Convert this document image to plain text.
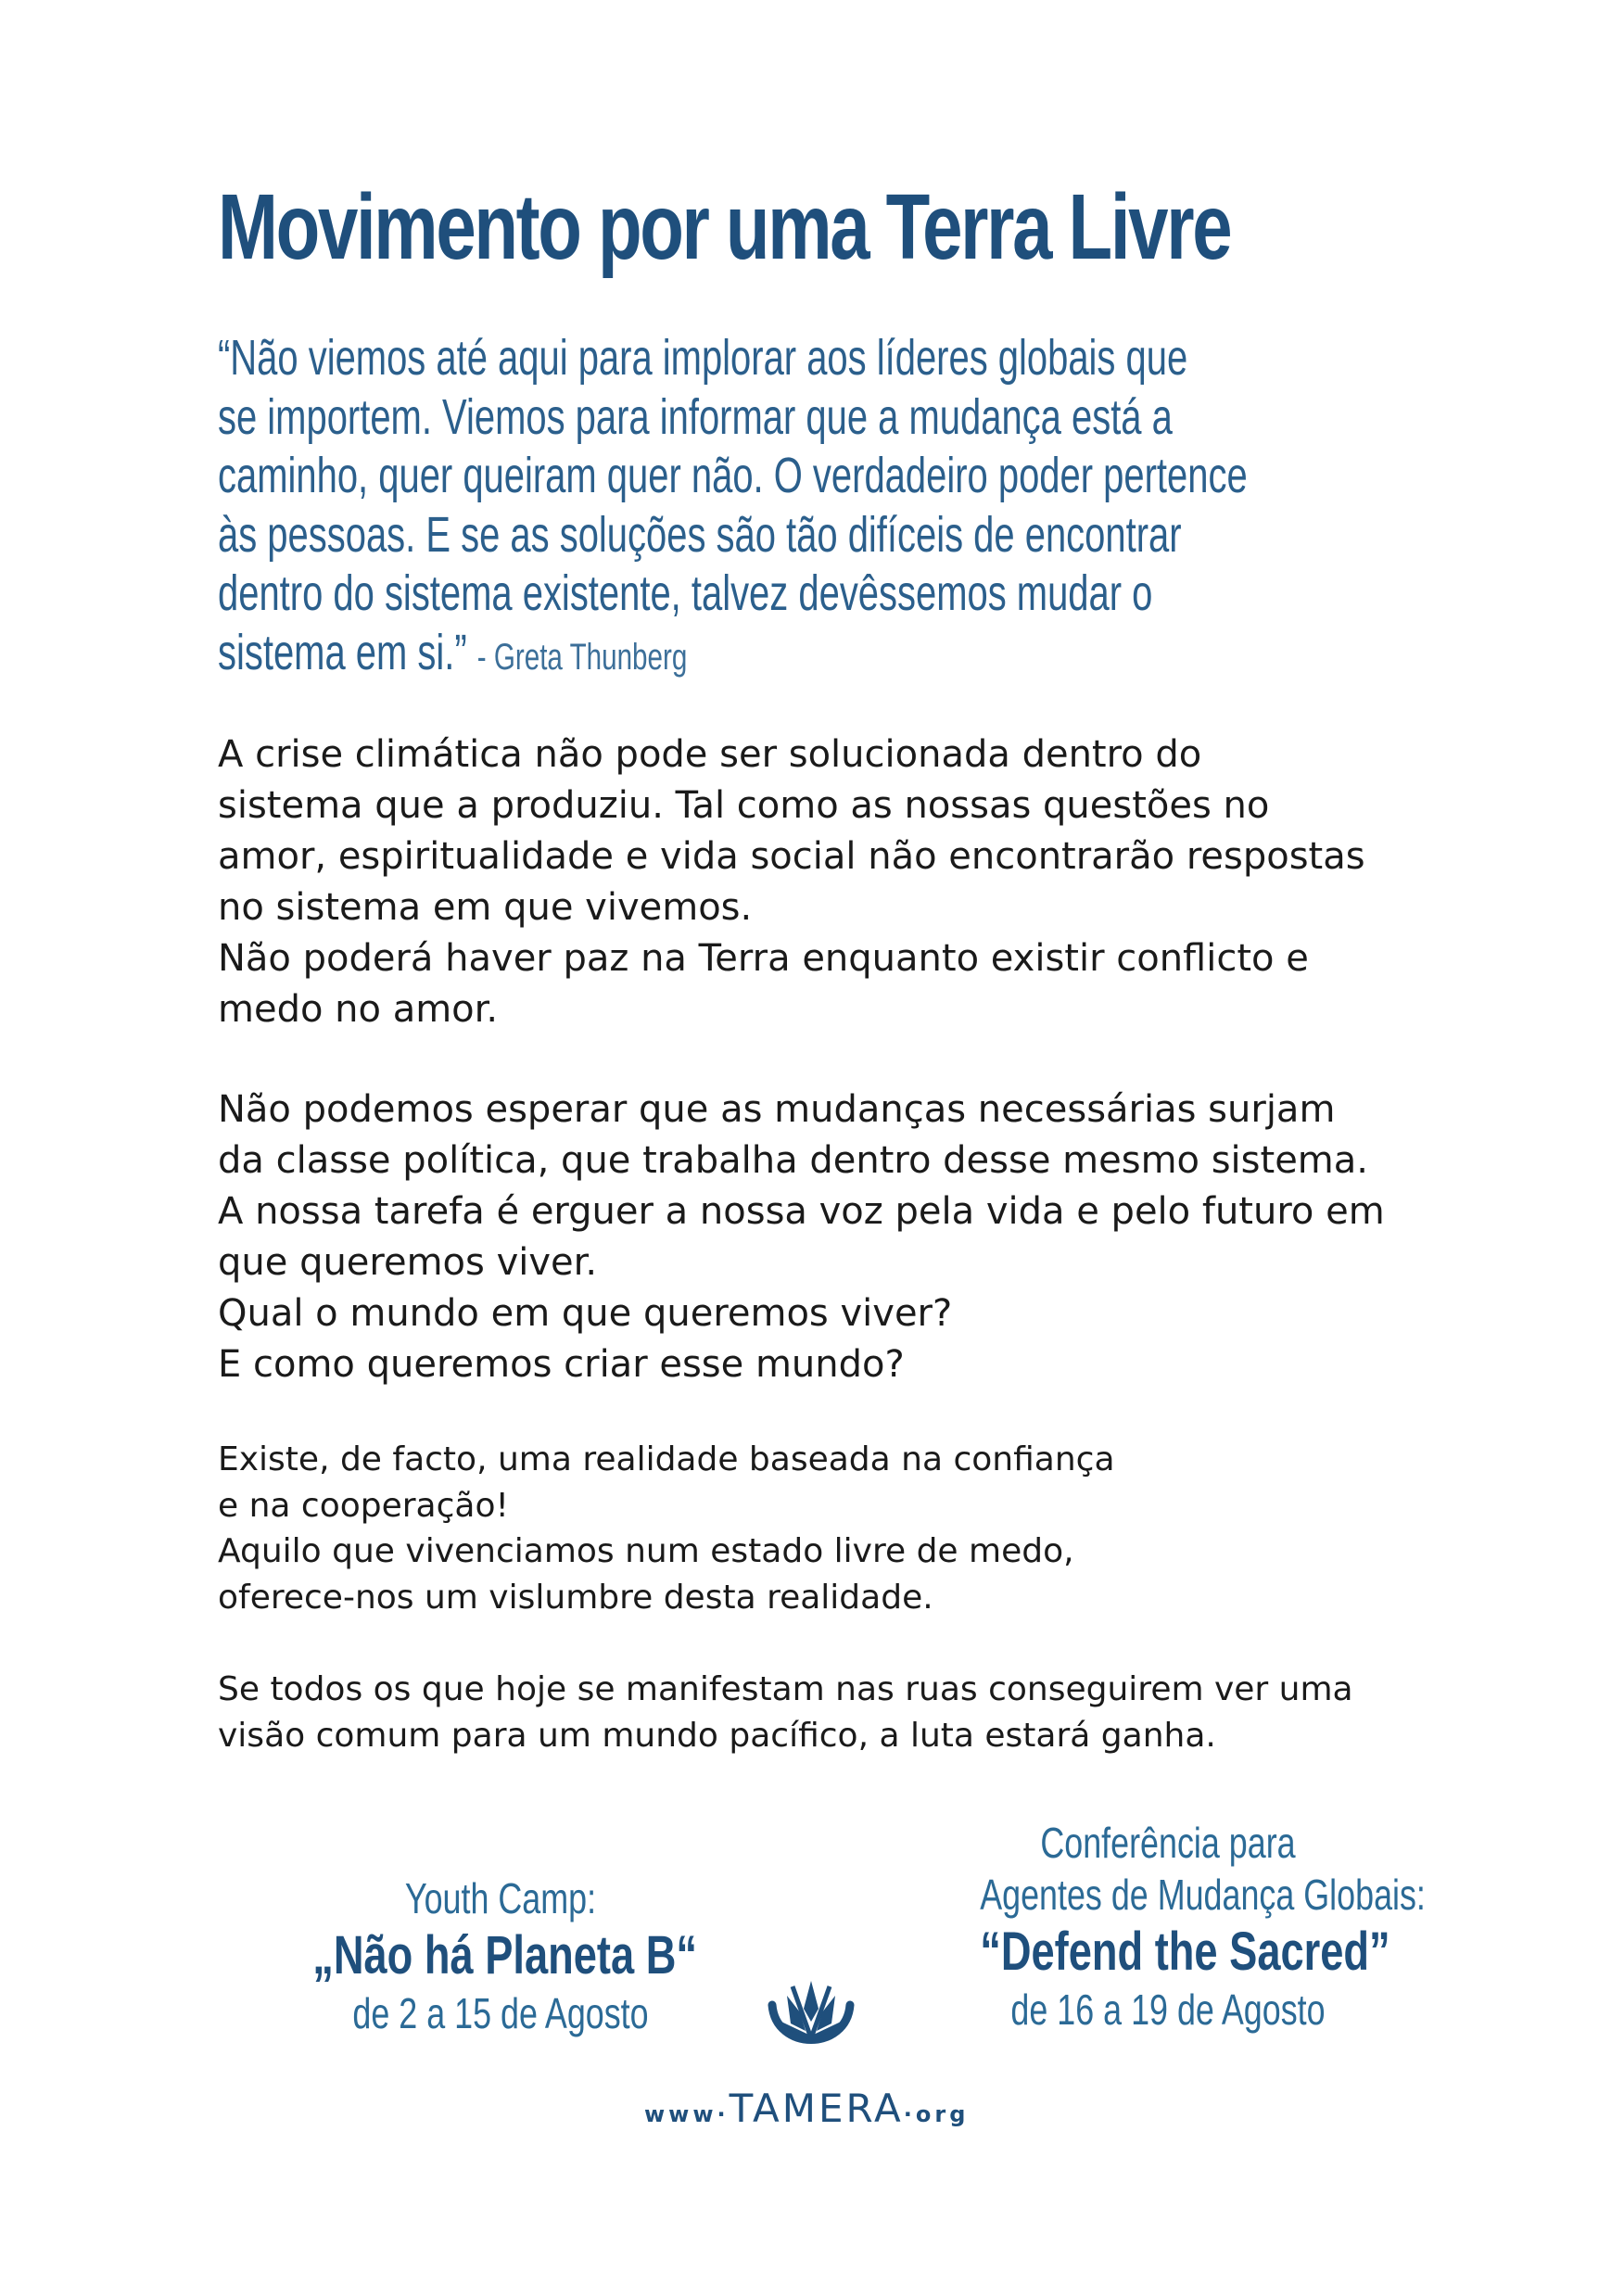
Movimento por uma Terra Livre

“Não viemos até aqui para implorar aos líderes globais que
se importem. Viemos para informar que a mudança está a
caminho, quer queiram quer não. O verdadeiro poder pertence
às pessoas. E se as soluções são tão difíceis de encontrar
dentro do sistema existente, talvez devêssemos mudar o
sistema em si.” - Greta Thunberg

A crise climática não pode ser solucionada dentro do
sistema que a produziu. Tal como as nossas questões no
amor, espiritualidade e vida social não encontrarão respostas
no sistema em que vivemos.
Não poderá haver paz na Terra enquanto existir conflicto e
medo no amor.

Não podemos esperar que as mudanças necessárias surjam
da classe política, que trabalha dentro desse mesmo sistema.
A nossa tarefa é erguer a nossa voz pela vida e pelo futuro em
que queremos viver.
Qual o mundo em que queremos viver?
E como queremos criar esse mundo?

Existe, de facto, uma realidade baseada na confiança
e na cooperação!
Aquilo que vivenciamos num estado livre de medo,
oferece-nos um vislumbre desta realidade.

Se todos os que hoje se manifestam nas ruas conseguirem ver uma
visão comum para um mundo pacífico, a luta estará ganha.

Youth Camp:
„Não há Planeta B“
de 2 a 15 de Agosto
Conferência para
Agentes de Mudança Globais:
“Defend the Sacred”
de 16 a 19 de Agosto
www·TAMERA·org
